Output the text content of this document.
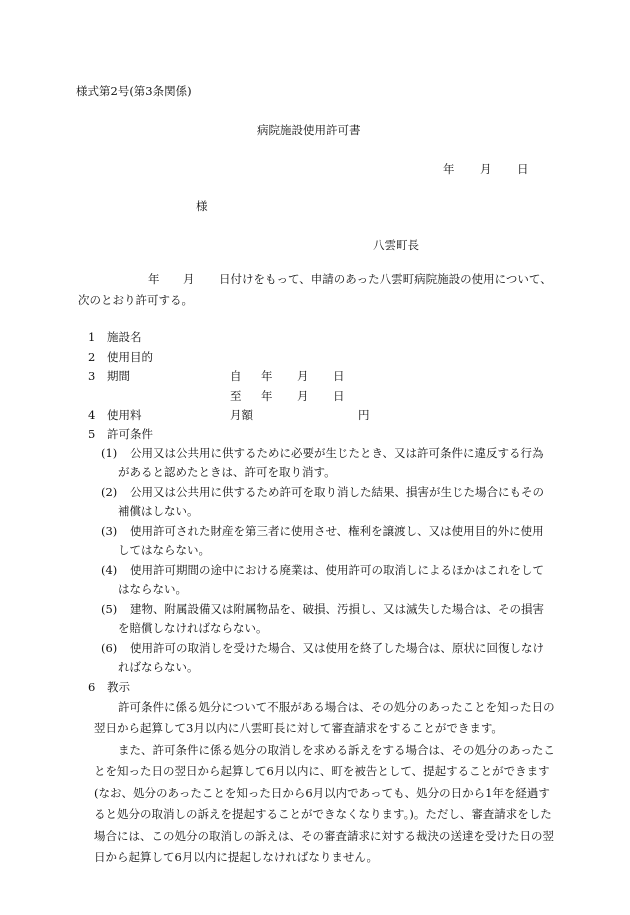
様式第2号(第3条関係)
病院施設使用許可書
年 月 日
様
八雲町長
年 月 日付けをもって、申請のあった八雲町病院施設の使用について、
次のとおり許可する。
1 施設名
2 使用目的
3 期間	自 年 月 日
至 年 月 日
4 使用料	月額	円
5 許可条件
(1) 公用又は公共用に供するために必要が生じたとき、又は許可条件に違反する行為
があると認めたときは、許可を取り消す。
(2) 公用又は公共用に供するため許可を取り消した結果、損害が生じた場合にもその
補償はしない。
(3) 使用許可された財産を第三者に使用させ、権利を譲渡し、又は使用目的外に使用
してはならない。
(4) 使用許可期間の途中における廃業は、使用許可の取消しによるほかはこれをして
はならない。
(5) 建物、附属設備又は附属物品を、破損、汚損し、又は滅失した場合は、その損害
を賠償しなければならない。
(6) 使用許可の取消しを受けた場合、又は使用を終了した場合は、原状に回復しなけ
ればならない。
6 教示
許可条件に係る処分について不服がある場合は、その処分のあったことを知った日の翌日から起算して3月以内に八雲町長に対して審査請求をすることができます。
また、許可条件に係る処分の取消しを求める訴えをする場合は、その処分のあったことを知った日の翌日から起算して6月以内に、町を被告として、提起することができます(なお、処分のあったことを知った日から6月以内であっても、処分の日から1年を経過すると処分の取消しの訴えを提起することができなくなります。)。ただし、審査請求をした場合には、この処分の取消しの訴えは、その審査請求に対する裁決の送達を受けた日の翌日から起算して6月以内に提起しなければなりません。
